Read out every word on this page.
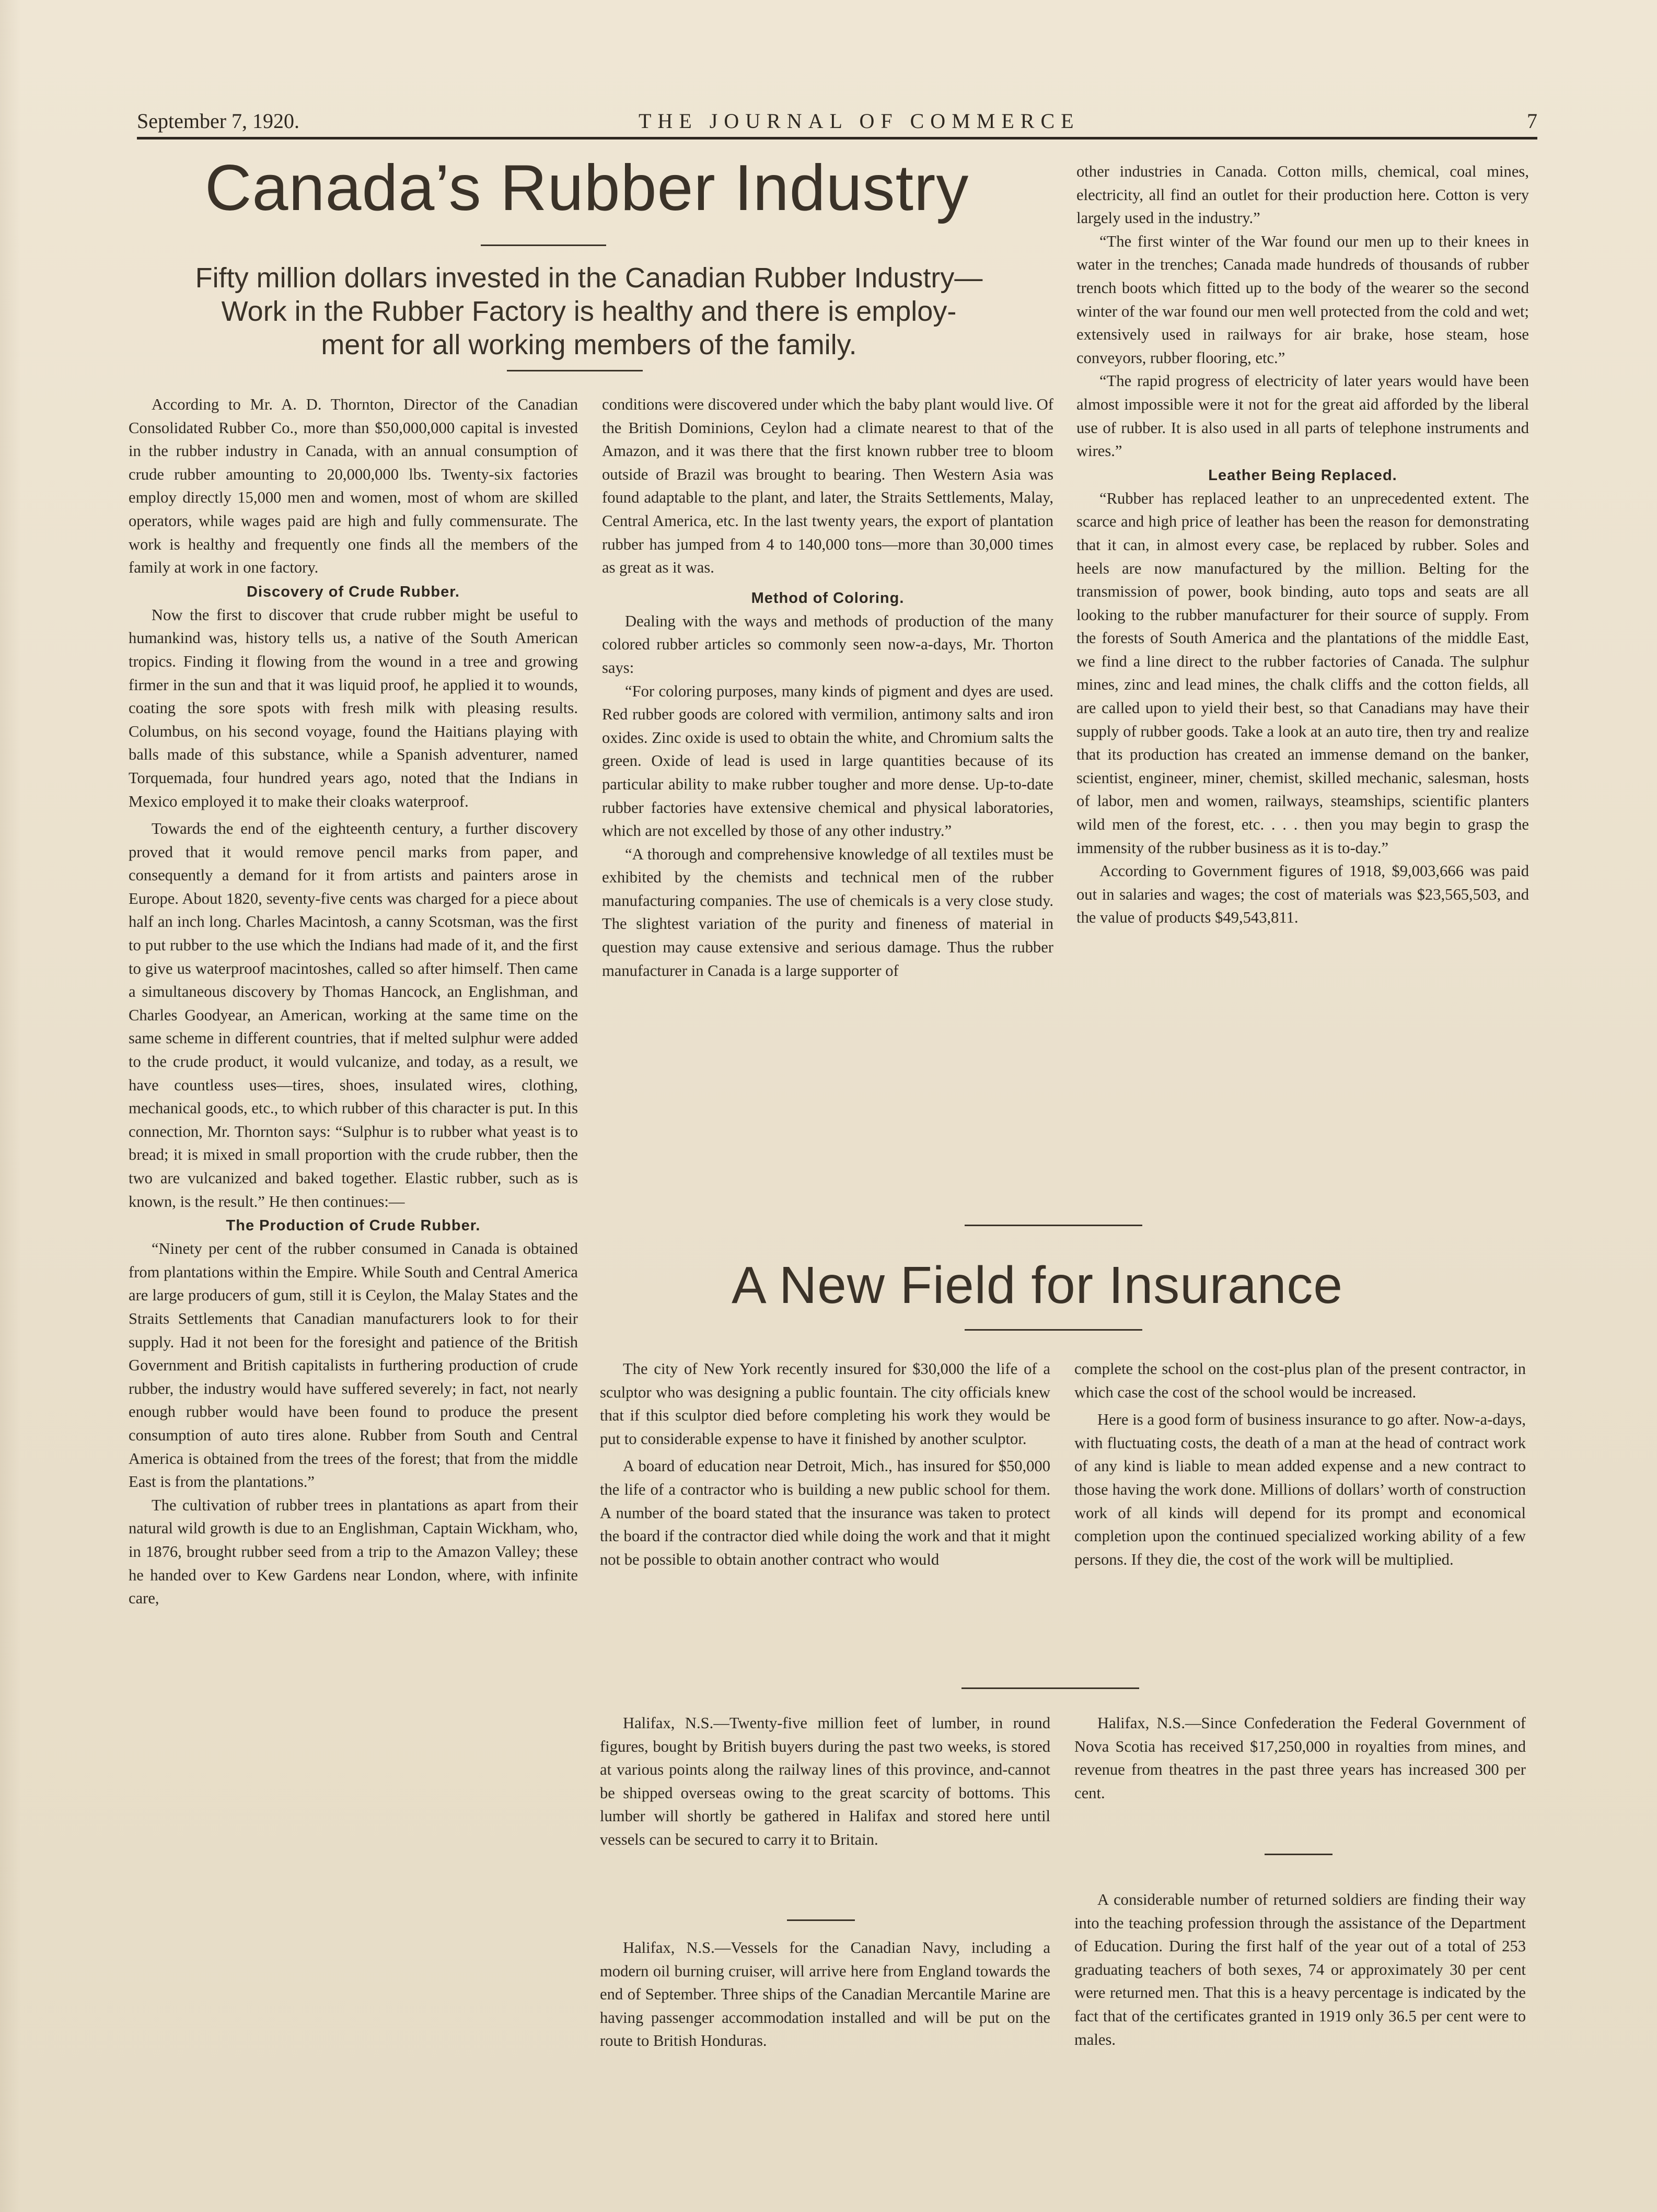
September 7, 1920.	THE JOURNAL OF COMMERCE	7
Canada’s Rubber Industry
Fifty million dollars invested in the Canadian Rubber Industry—
Work in the Rubber Factory is healthy and there is employ-
ment for all working members of the family.

According to Mr. A. D. Thornton, Director of the Canadian Consolidated Rubber Co., more than $50,000,000 capital is invested in the rubber industry in Canada, with an annual consumption of crude rubber amounting to 20,000,000 lbs. Twenty-six factories employ directly 15,000 men and women, most of whom are skilled operators, while wages paid are high and fully commensurate. The work is healthy and frequently one finds all the members of the family at work in one factory.

Discovery of Crude Rubber.

Now the first to discover that crude rubber might be useful to humankind was, history tells us, a native of the South American tropics. Finding it flowing from the wound in a tree and growing firmer in the sun and that it was liquid proof, he applied it to wounds, coating the sore spots with fresh milk with pleasing results. Columbus, on his second voyage, found the Haitians playing with balls made of this substance, while a Spanish adventurer, named Torquemada, four hundred years ago, noted that the Indians in Mexico employed it to make their cloaks waterproof.

Towards the end of the eighteenth century, a further discovery proved that it would remove pencil marks from paper, and consequently a demand for it from artists and painters arose in Europe. About 1820, seventy-five cents was charged for a piece about half an inch long. Charles Macintosh, a canny Scotsman, was the first to put rubber to the use which the Indians had made of it, and the first to give us waterproof macintoshes, called so after himself. Then came a simultaneous discovery by Thomas Hancock, an Englishman, and Charles Goodyear, an American, working at the same time on the same scheme in different countries, that if melted sulphur were added to the crude product, it would vulcanize, and today, as a result, we have countless uses—tires, shoes, insulated wires, clothing, mechanical goods, etc., to which rubber of this character is put. In this connection, Mr. Thornton says: “Sulphur is to rubber what yeast is to bread; it is mixed in small proportion with the crude rubber, then the two are vulcanized and baked together. Elastic rubber, such as is known, is the result.” He then continues:—

The Production of Crude Rubber.

“Ninety per cent of the rubber consumed in Canada is obtained from plantations within the Empire. While South and Central America are large producers of gum, still it is Ceylon, the Malay States and the Straits Settlements that Canadian manufacturers look to for their supply. Had it not been for the foresight and patience of the British Government and British capitalists in furthering production of crude rubber, the industry would have suffered severely; in fact, not nearly enough rubber would have been found to produce the present consumption of auto tires alone. Rubber from South and Central America is obtained from the trees of the forest; that from the middle East is from the plantations.”

The cultivation of rubber trees in plantations as apart from their natural wild growth is due to an Englishman, Captain Wickham, who, in 1876, brought rubber seed from a trip to the Amazon Valley; these he handed over to Kew Gardens near London, where, with infinite care,

conditions were discovered under which the baby plant would live. Of the British Dominions, Ceylon had a climate nearest to that of the Amazon, and it was there that the first known rubber tree to bloom outside of Brazil was brought to bearing. Then Western Asia was found adaptable to the plant, and later, the Straits Settlements, Malay, Central America, etc. In the last twenty years, the export of plantation rubber has jumped from 4 to 140,000 tons—more than 30,000 times as great as it was.

Method of Coloring.

Dealing with the ways and methods of production of the many colored rubber articles so commonly seen now-a-days, Mr. Thorton says:

“For coloring purposes, many kinds of pigment and dyes are used. Red rubber goods are colored with vermilion, antimony salts and iron oxides. Zinc oxide is used to obtain the white, and Chromium salts the green. Oxide of lead is used in large quantities because of its particular ability to make rubber tougher and more dense. Up-to-date rubber factories have extensive chemical and physical laboratories, which are not excelled by those of any other industry.”

“A thorough and comprehensive knowledge of all textiles must be exhibited by the chemists and technical men of the rubber manufacturing companies. The use of chemicals is a very close study. The slightest variation of the purity and fineness of material in question may cause extensive and serious damage. Thus the rubber manufacturer in Canada is a large supporter of

other industries in Canada. Cotton mills, chemical, coal mines, electricity, all find an outlet for their production here. Cotton is very largely used in the industry.”

“The first winter of the War found our men up to their knees in water in the trenches; Canada made hundreds of thousands of rubber trench boots which fitted up to the body of the wearer so the second winter of the war found our men well protected from the cold and wet; extensively used in railways for air brake, hose steam, hose conveyors, rubber flooring, etc.”

“The rapid progress of electricity of later years would have been almost impossible were it not for the great aid afforded by the liberal use of rubber. It is also used in all parts of telephone instruments and wires.”

Leather Being Replaced.

“Rubber has replaced leather to an unprecedented extent. The scarce and high price of leather has been the reason for demonstrating that it can, in almost every case, be replaced by rubber. Soles and heels are now manufactured by the million. Belting for the transmission of power, book binding, auto tops and seats are all looking to the rubber manufacturer for their source of supply. From the forests of South America and the plantations of the middle East, we find a line direct to the rubber factories of Canada. The sulphur mines, zinc and lead mines, the chalk cliffs and the cotton fields, all are called upon to yield their best, so that Canadians may have their supply of rubber goods. Take a look at an auto tire, then try and realize that its production has created an immense demand on the banker, scientist, engineer, miner, chemist, skilled mechanic, salesman, hosts of labor, men and women, railways, steamships, scientific planters wild men of the forest, etc. . . . then you may begin to grasp the immensity of the rubber business as it is to-day.”

According to Government figures of 1918, $9,003,666 was paid out in salaries and wages; the cost of materials was $23,565,503, and the value of products $49,543,811.

A New Field for Insurance

The city of New York recently insured for $30,000 the life of a sculptor who was designing a public fountain. The city officials knew that if this sculptor died before completing his work they would be put to considerable expense to have it finished by another sculptor.

A board of education near Detroit, Mich., has insured for $50,000 the life of a contractor who is building a new public school for them. A number of the board stated that the insurance was taken to protect the board if the contractor died while doing the work and that it might not be possible to obtain another contract who would

complete the school on the cost-plus plan of the present contractor, in which case the cost of the school would be increased.

Here is a good form of business insurance to go after. Now-a-days, with fluctuating costs, the death of a man at the head of contract work of any kind is liable to mean added expense and a new contract to those having the work done. Millions of dollars’ worth of construction work of all kinds will depend for its prompt and economical completion upon the continued specialized working ability of a few persons. If they die, the cost of the work will be multiplied.

Halifax, N.S.—Twenty-five million feet of lumber, in round figures, bought by British buyers during the past two weeks, is stored at various points along the railway lines of this province, and-cannot be shipped overseas owing to the great scarcity of bottoms. This lumber will shortly be gathered in Halifax and stored here until vessels can be secured to carry it to Britain.

Halifax, N.S.—Vessels for the Canadian Navy, including a modern oil burning cruiser, will arrive here from England towards the end of September. Three ships of the Canadian Mercantile Marine are having passenger accommodation installed and will be put on the route to British Honduras.

Halifax, N.S.—Since Confederation the Federal Government of Nova Scotia has received $17,250,000 in royalties from mines, and revenue from theatres in the past three years has increased 300 per cent.

A considerable number of returned soldiers are finding their way into the teaching profession through the assistance of the Department of Education. During the first half of the year out of a total of 253 graduating teachers of both sexes, 74 or approximately 30 per cent were returned men. That this is a heavy percentage is indicated by the fact that of the certificates granted in 1919 only 36.5 per cent were to males.
